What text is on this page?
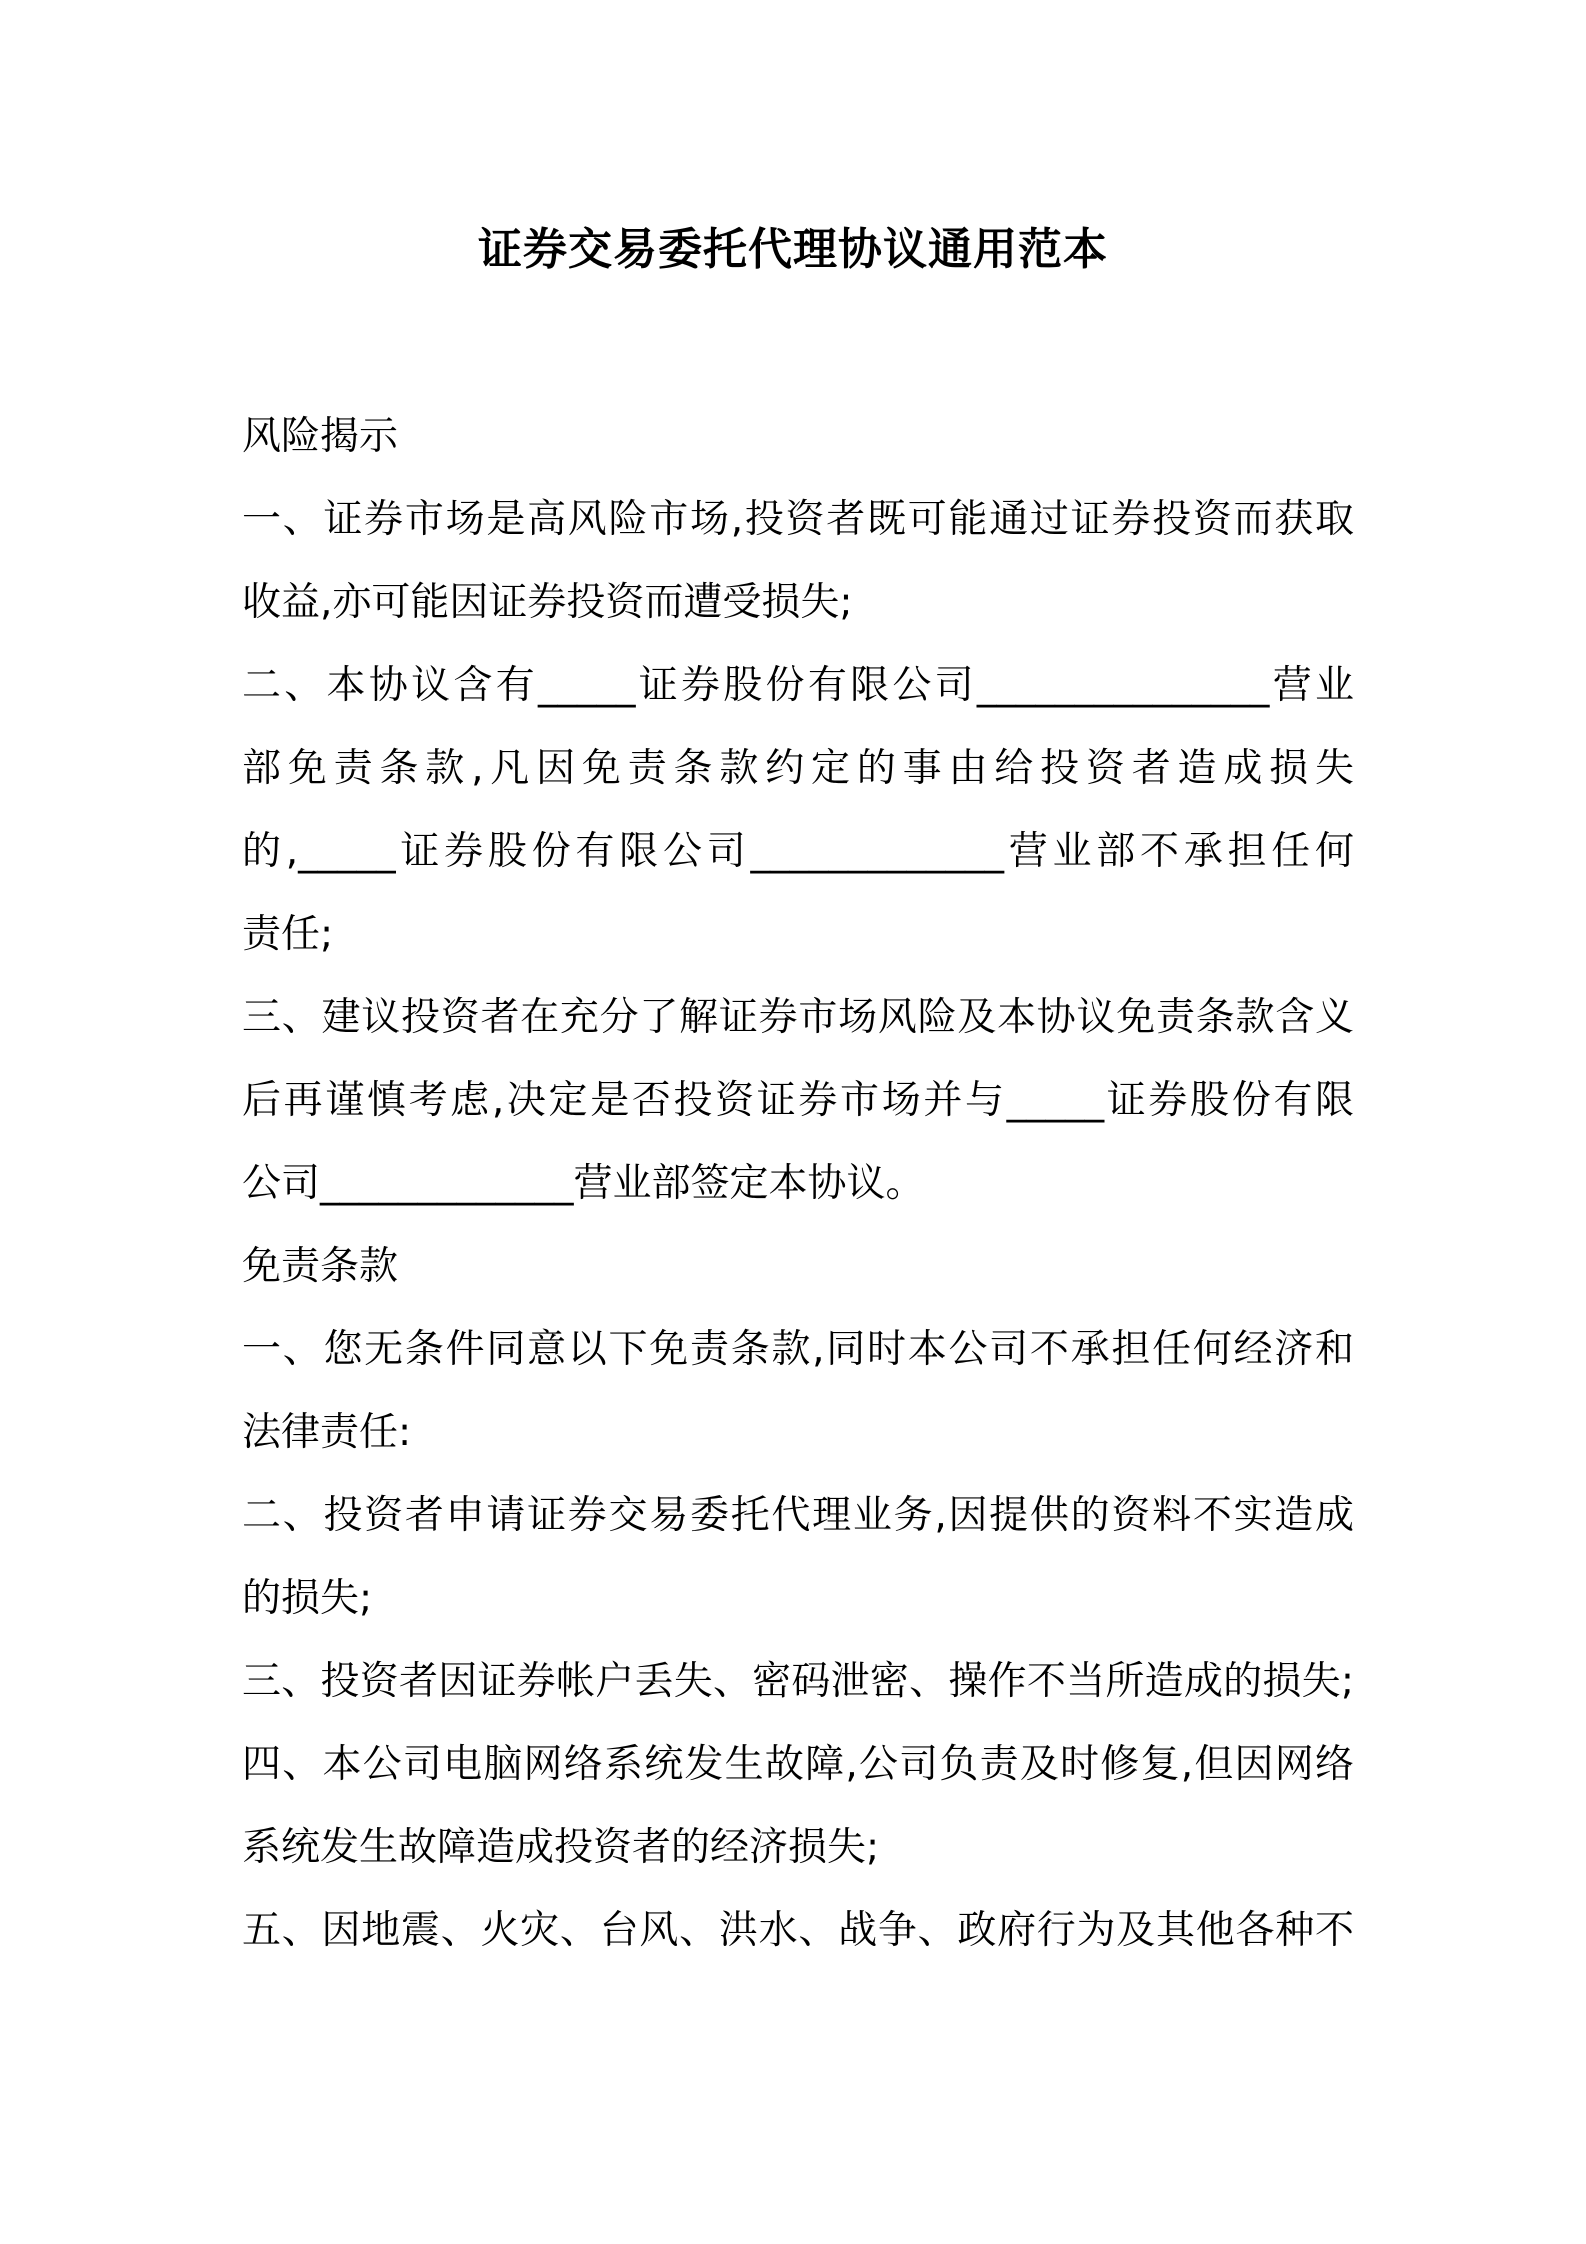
证券交易委托代理协议通用范本
风险揭示
一、证券市场是高风险市场,投资者既可能通过证券投资而获取
收益,亦可能因证券投资而遭受损失;
二、本协议含有_____证券股份有限公司_______________营业
部免责条款,凡因免责条款约定的事由给投资者造成损失
的,_____证券股份有限公司_____________营业部不承担任何
责任;
三、建议投资者在充分了解证券市场风险及本协议免责条款含义
后再谨慎考虑,决定是否投资证券市场并与_____证券股份有限
公司_____________营业部签定本协议。
免责条款
一、您无条件同意以下免责条款,同时本公司不承担任何经济和
法律责任:
二、投资者申请证券交易委托代理业务,因提供的资料不实造成
的损失;
三、投资者因证券帐户丢失、密码泄密、操作不当所造成的损失;
四、本公司电脑网络系统发生故障,公司负责及时修复,但因网络
系统发生故障造成投资者的经济损失;
五、因地震、火灾、台风、洪水、战争、政府行为及其他各种不
